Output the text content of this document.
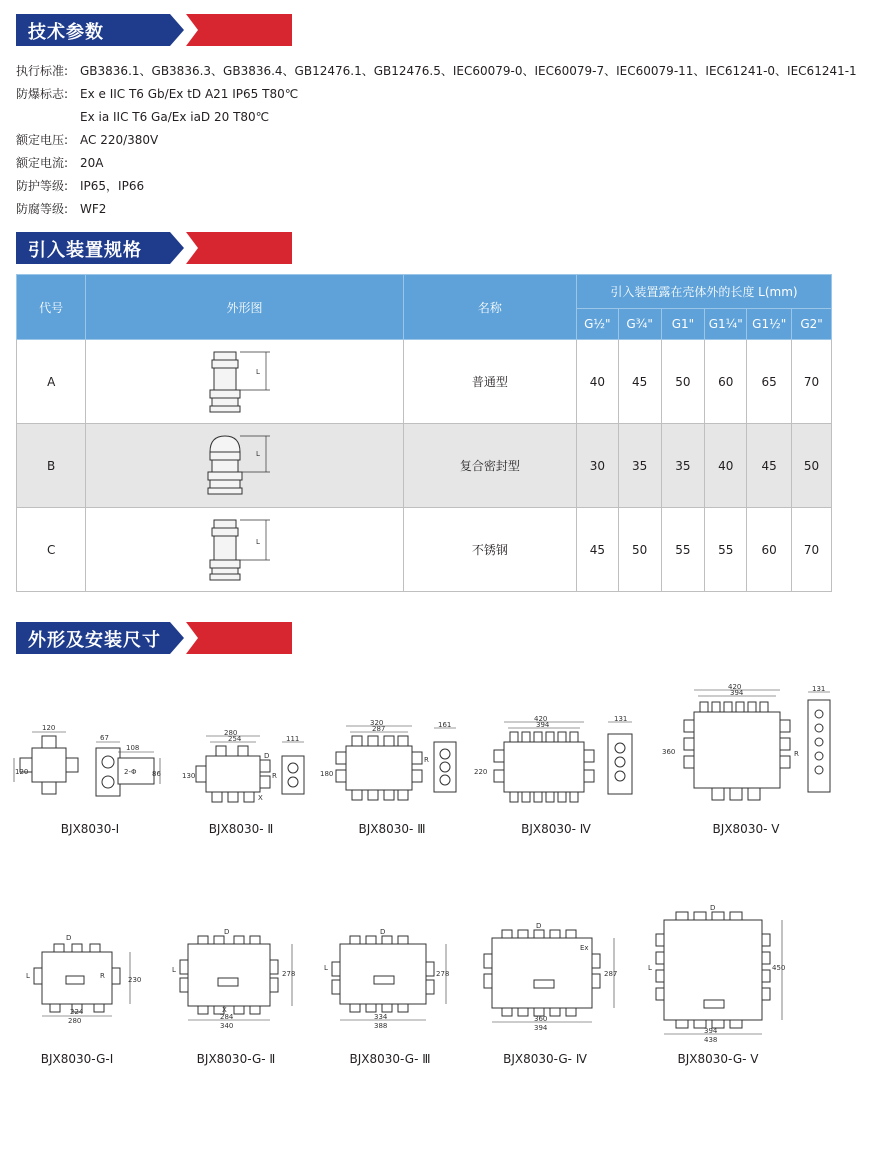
技术参数
引入装置规格
外形及安装尺寸
执行标准: GB3836.1、GB3836.3、GB3836.4、GB12476.1、GB12476.5、IEC60079-0、IEC60079-7、IEC60079-11、IEC61241-0、IEC61241-1
防爆标志: Ex e IIC T6 Gb/Ex tD A21 IP65 T80℃
Ex ia IIC T6 Ga/Ex iaD 20 T80℃
额定电压: AC 220/380V
额定电流: 20A
防护等级: IP65，IP66
防腐等级: WF2
代号	外形图	名称	引入装置露在壳体外的长度 L(mm)					
			G½"	G¾"	G1"	G1¼"	G1½"	G2"
A	L	普通型	40	45	50	60	65	70
B	L	复合密封型	30	35	35	40	45	50
C	L	不锈钢	45	50	55	55	60	70
120
67
108
2-Φ
120	86
280
254	111
D
R
X
130
320
287	161
R
180
420
394
131
220
420
394	131
360	R
D
L	R
224
280
230
D
L
X
284
340
278
D
L
334
388
278
D
Ex
360
394
287
D
L
394
438
450
BJX8030-Ⅰ	BJX8030- Ⅱ	BJX8030- Ⅲ	BJX8030- Ⅳ	BJX8030- Ⅴ
BJX8030-G-Ⅰ	BJX8030-G- Ⅱ	BJX8030-G- Ⅲ	BJX8030-G- Ⅳ	BJX8030-G- Ⅴ
